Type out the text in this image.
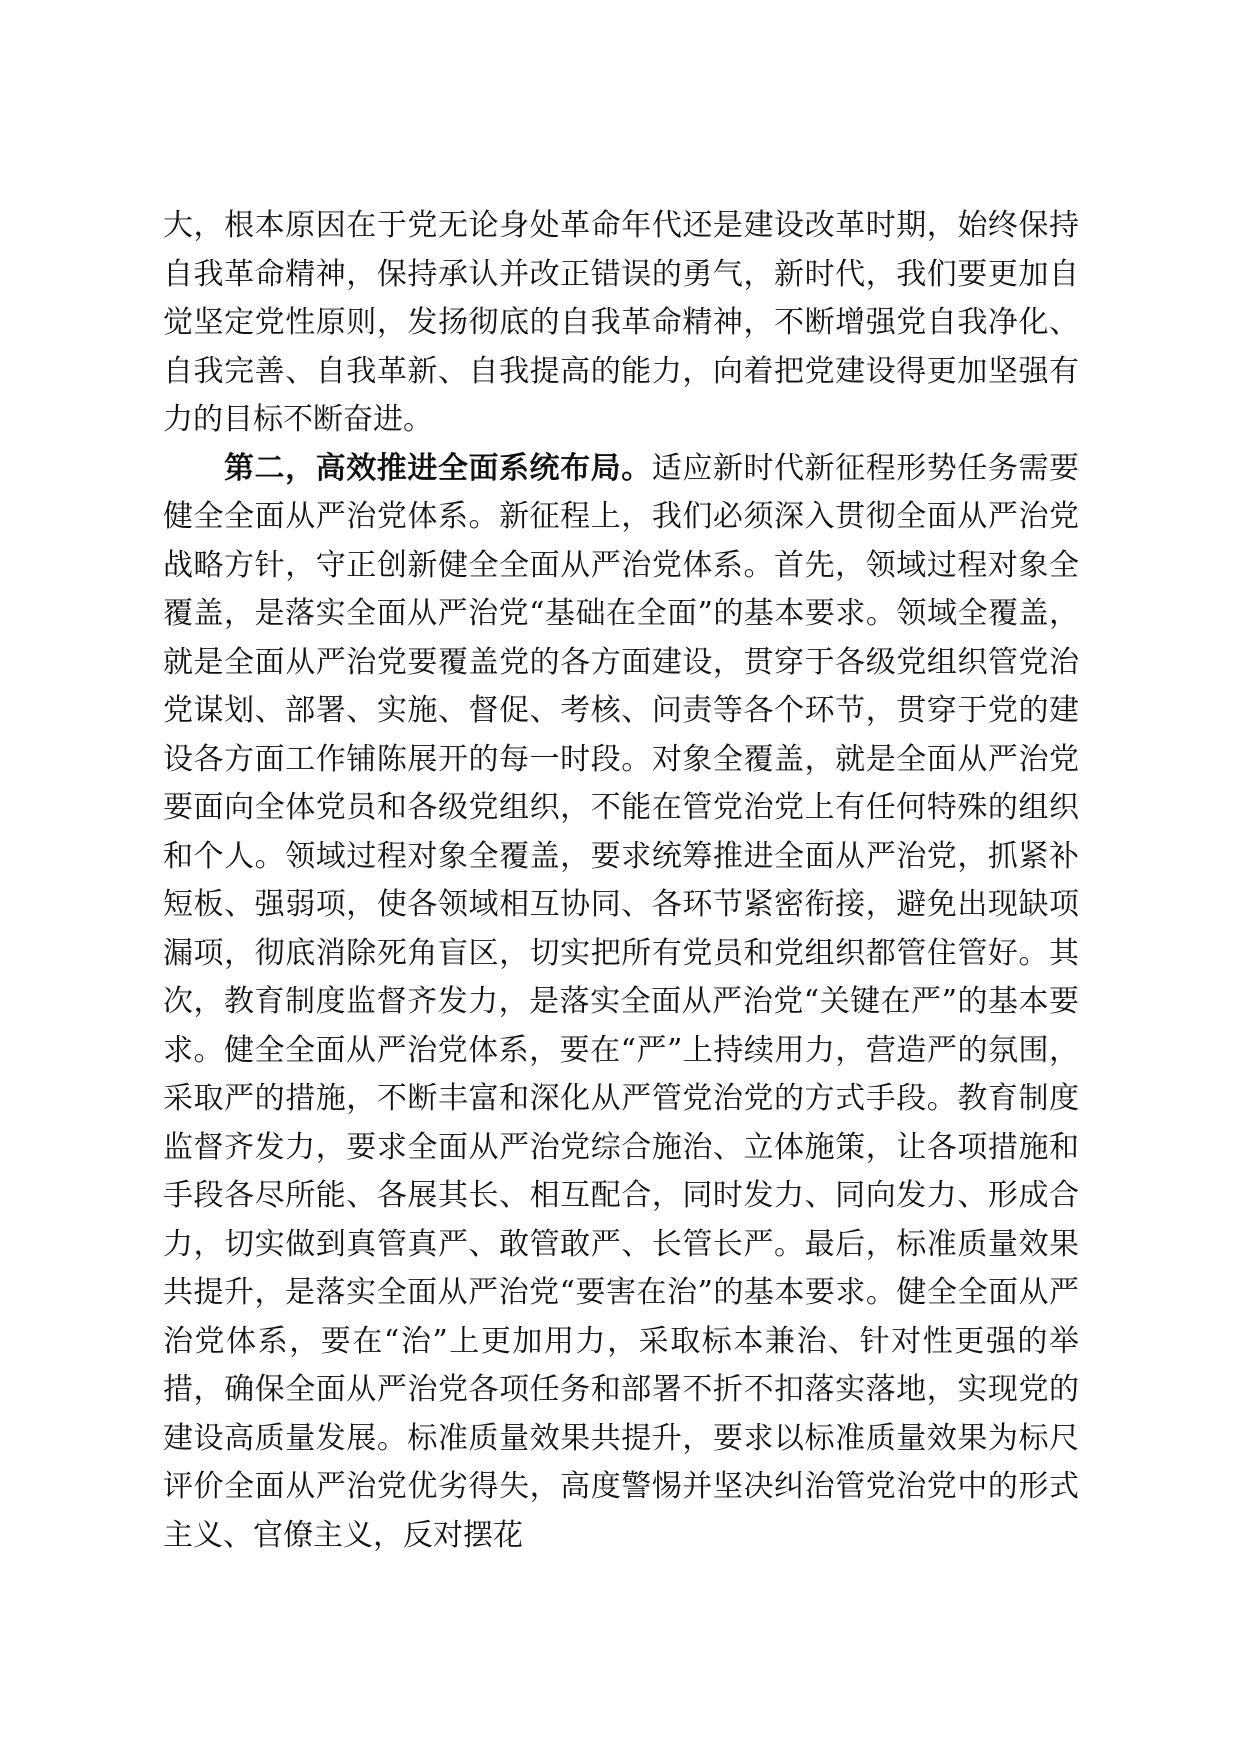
大，根本原因在于党无论身处革命年代还是建设改革时期，始终保持自我革命精神，保持承认并改正错误的勇气，新时代，我们要更加自觉坚定党性原则，发扬彻底的自我革命精神，不断增强党自我净化、自我完善、自我革新、自我提高的能力，向着把党建设得更加坚强有力的目标不断奋进。

第二，高效推进全面系统布局。适应新时代新征程形势任务需要健全全面从严治党体系。新征程上，我们必须深入贯彻全面从严治党战略方针，守正创新健全全面从严治党体系。首先，领域过程对象全覆盖，是落实全面从严治党“基础在全面”的基本要求。领域全覆盖，就是全面从严治党要覆盖党的各方面建设，贯穿于各级党组织管党治党谋划、部署、实施、督促、考核、问责等各个环节，贯穿于党的建设各方面工作铺陈展开的每一时段。对象全覆盖，就是全面从严治党要面向全体党员和各级党组织，不能在管党治党上有任何特殊的组织和个人。领域过程对象全覆盖，要求统筹推进全面从严治党，抓紧补短板、强弱项，使各领域相互协同、各环节紧密衔接，避免出现缺项漏项，彻底消除死角盲区，切实把所有党员和党组织都管住管好。其次，教育制度监督齐发力，是落实全面从严治党“关键在严”的基本要求。健全全面从严治党体系，要在“严”上持续用力，营造严的氛围，采取严的措施，不断丰富和深化从严管党治党的方式手段。教育制度监督齐发力，要求全面从严治党综合施治、立体施策，让各项措施和手段各尽所能、各展其长、相互配合，同时发力、同向发力、形成合力，切实做到真管真严、敢管敢严、长管长严。最后，标准质量效果共提升，是落实全面从严治党“要害在治”的基本要求。健全全面从严治党体系，要在“治”上更加用力，采取标本兼治、针对性更强的举措，确保全面从严治党各项任务和部署不折不扣落实落地，实现党的建设高质量发展。标准质量效果共提升，要求以标准质量效果为标尺评价全面从严治党优劣得失，高度警惕并坚决纠治管党治党中的形式主义、官僚主义，反对摆花
